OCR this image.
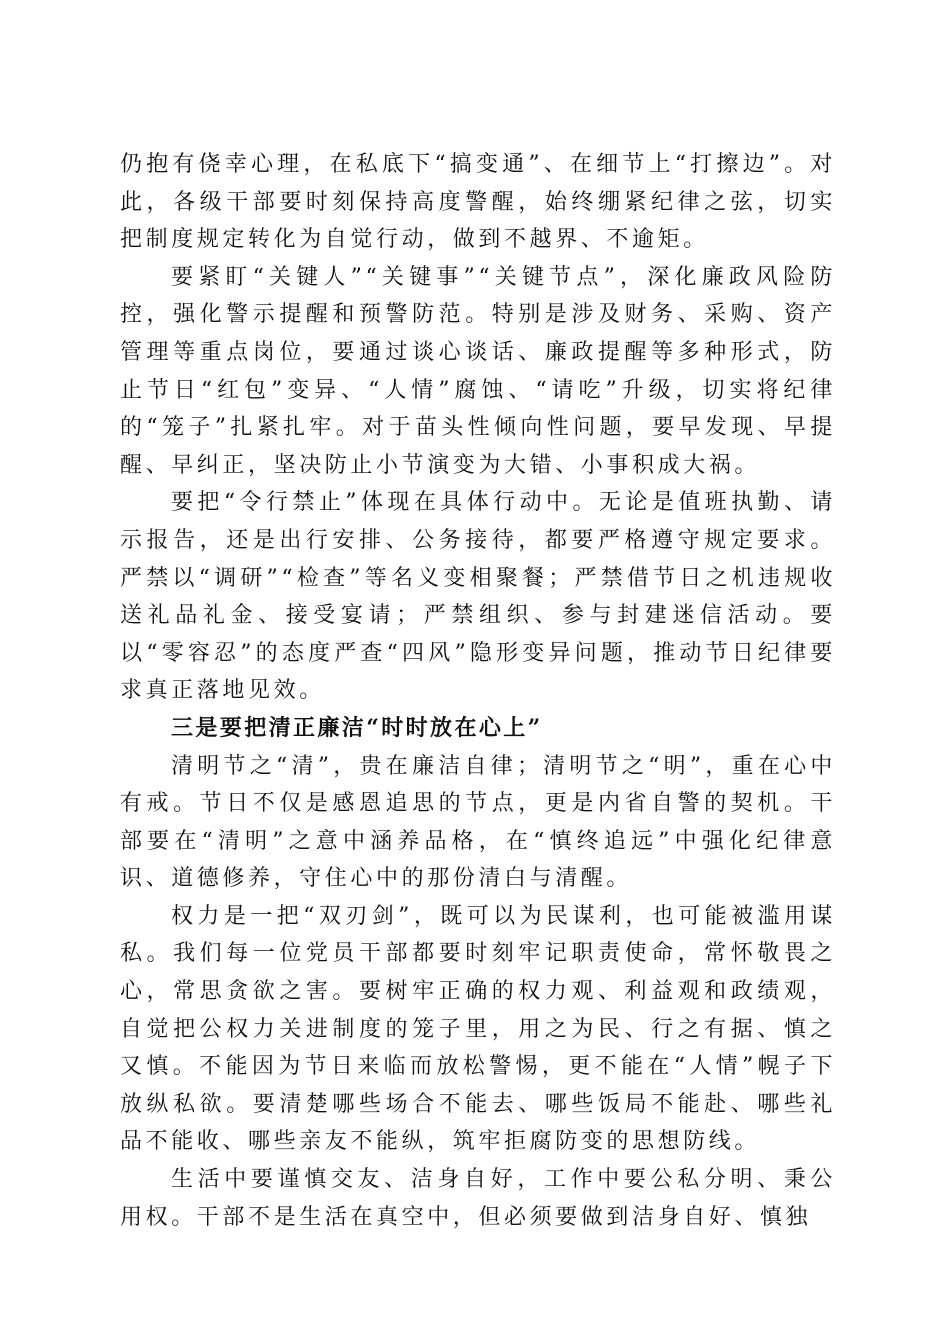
仍抱有侥幸心理，在私底下“搞变通”、在细节上“打擦边”。对此，各级干部要时刻保持高度警醒，始终绷紧纪律之弦，切实把制度规定转化为自觉行动，做到不越界、不逾矩。

要紧盯“关键人”“关键事”“关键节点”，深化廉政风险防控，强化警示提醒和预警防范。特别是涉及财务、采购、资产管理等重点岗位，要通过谈心谈话、廉政提醒等多种形式，防止节日“红包”变异、“人情”腐蚀、“请吃”升级，切实将纪律的“笼子”扎紧扎牢。对于苗头性倾向性问题，要早发现、早提醒、早纠正，坚决防止小节演变为大错、小事积成大祸。

要把“令行禁止”体现在具体行动中。无论是值班执勤、请示报告，还是出行安排、公务接待，都要严格遵守规定要求。严禁以“调研”“检查”等名义变相聚餐；严禁借节日之机违规收送礼品礼金、接受宴请；严禁组织、参与封建迷信活动。要以“零容忍”的态度严查“四风”隐形变异问题，推动节日纪律要求真正落地见效。

三是要把清正廉洁“时时放在心上”

清明节之“清”，贵在廉洁自律；清明节之“明”，重在心中有戒。节日不仅是感恩追思的节点，更是内省自警的契机。干部要在“清明”之意中涵养品格，在“慎终追远”中强化纪律意识、道德修养，守住心中的那份清白与清醒。

权力是一把“双刃剑”，既可以为民谋利，也可能被滥用谋私。我们每一位党员干部都要时刻牢记职责使命，常怀敬畏之心，常思贪欲之害。要树牢正确的权力观、利益观和政绩观，自觉把公权力关进制度的笼子里，用之为民、行之有据、慎之又慎。不能因为节日来临而放松警惕，更不能在“人情”幌子下放纵私欲。要清楚哪些场合不能去、哪些饭局不能赴、哪些礼品不能收、哪些亲友不能纵，筑牢拒腐防变的思想防线。

生活中要谨慎交友、洁身自好，工作中要公私分明、秉公用权。干部不是生活在真空中，但必须要做到洁身自好、慎独
